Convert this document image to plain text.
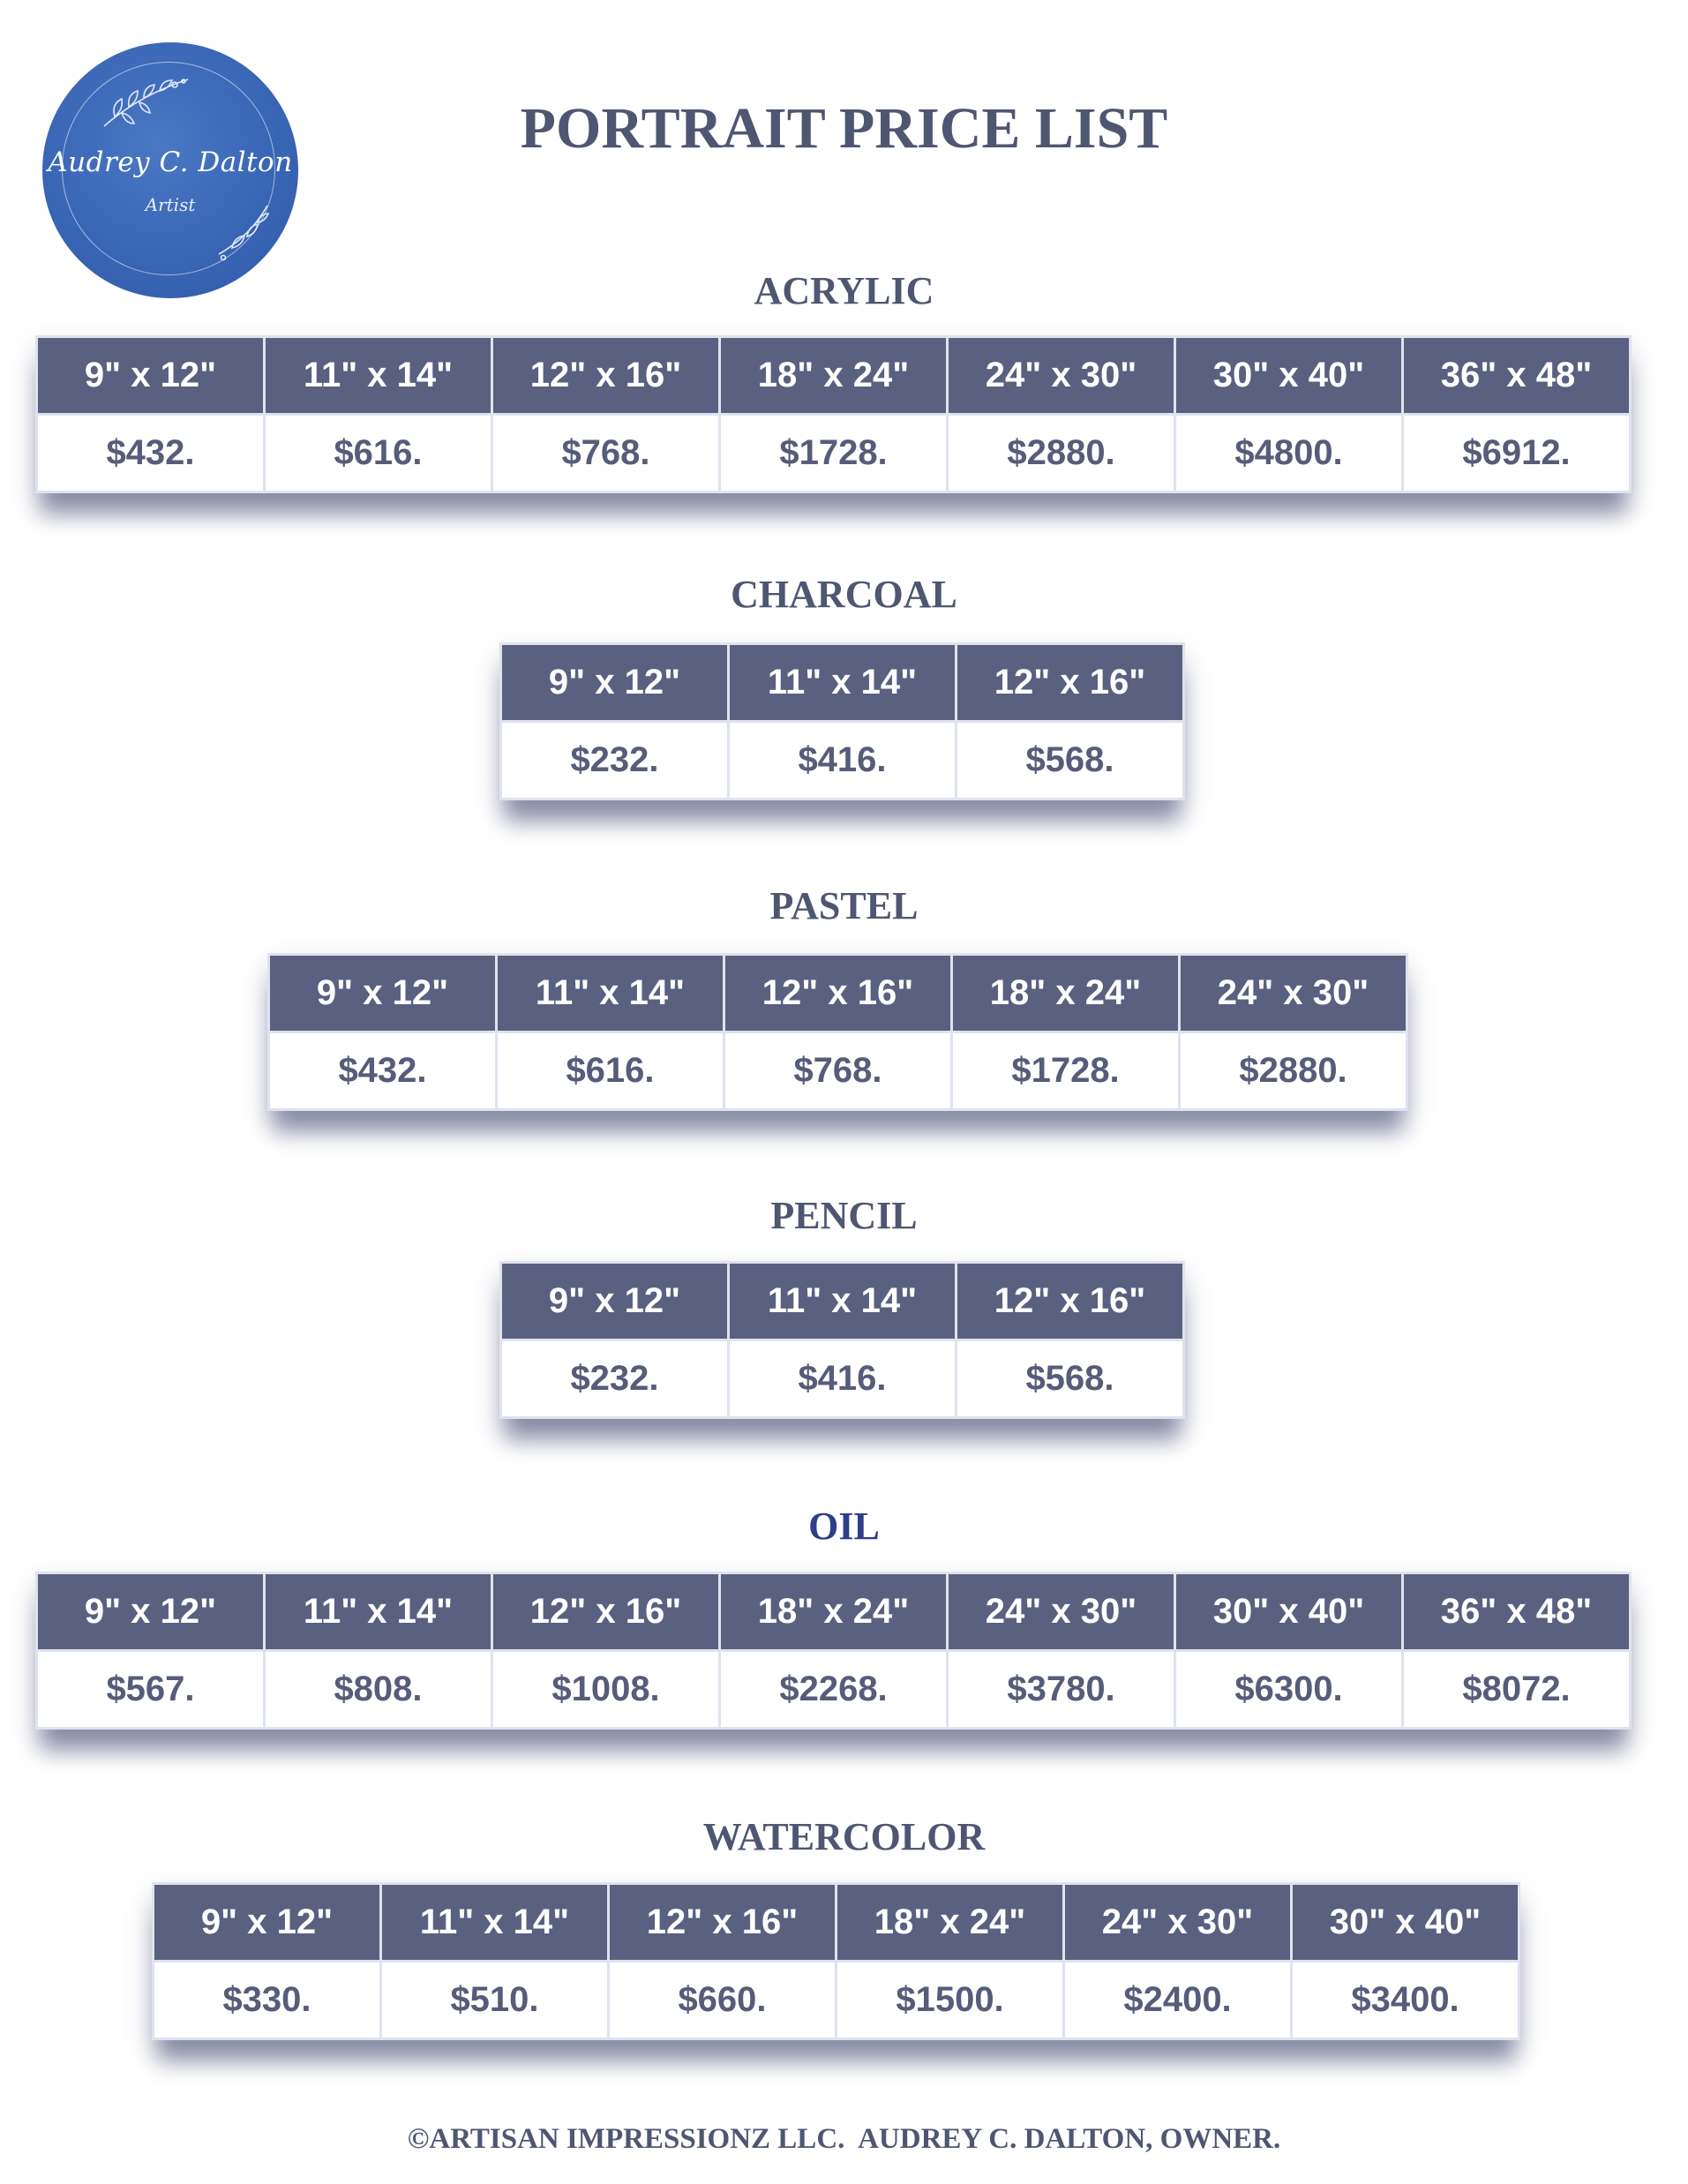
Audrey C. Dalton
Artist
PORTRAIT PRICE LIST
ACRYLIC
9" x 12"	11" x 14"	12" x 16"	18" x 24"	24" x 30"	30" x 40"	36" x 48"
$432.	$616.	$768.	$1728.	$2880.	$4800.	$6912.
CHARCOAL
9" x 12"	11" x 14"	12" x 16"
$232.	$416.	$568.
PASTEL
9" x 12"	11" x 14"	12" x 16"	18" x 24"	24" x 30"
$432.	$616.	$768.	$1728.	$2880.
PENCIL
9" x 12"	11" x 14"	12" x 16"
$232.	$416.	$568.
OIL
9" x 12"	11" x 14"	12" x 16"	18" x 24"	24" x 30"	30" x 40"	36" x 48"
$567.	$808.	$1008.	$2268.	$3780.	$6300.	$8072.
WATERCOLOR
9" x 12"	11" x 14"	12" x 16"	18" x 24"	24" x 30"	30" x 40"
$330.	$510.	$660.	$1500.	$2400.	$3400.
©ARTISAN IMPRESSIONZ LLC.  AUDREY C. DALTON, OWNER.
